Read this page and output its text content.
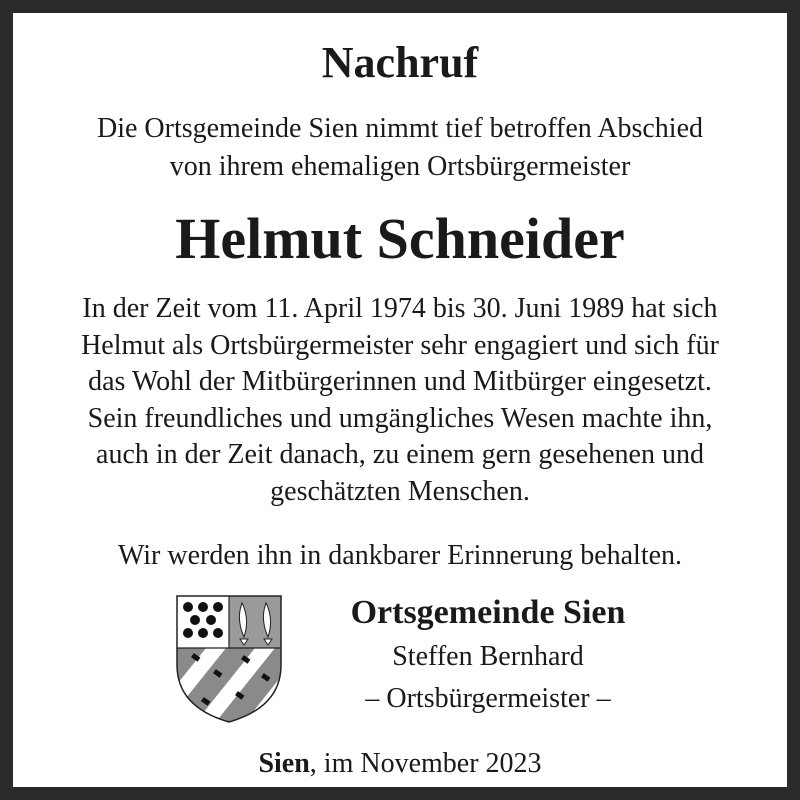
Nachruf
Die Ortsgemeinde Sien nimmt tief betroffen Abschied
von ihrem ehemaligen Ortsbürgermeister
Helmut Schneider
In der Zeit vom 11. April 1974 bis 30. Juni 1989 hat sich
Helmut als Ortsbürgermeister sehr engagiert und sich für
das Wohl der Mitbürgerinnen und Mitbürger eingesetzt.
Sein freundliches und umgängliches Wesen machte ihn,
auch in der Zeit danach, zu einem gern gesehenen und
geschätzten Menschen.
Wir werden ihn in dankbarer Erinnerung behalten.
Ortsgemeinde Sien
Steffen Bernhard
– Ortsbürgermeister –
Sien, im November 2023
